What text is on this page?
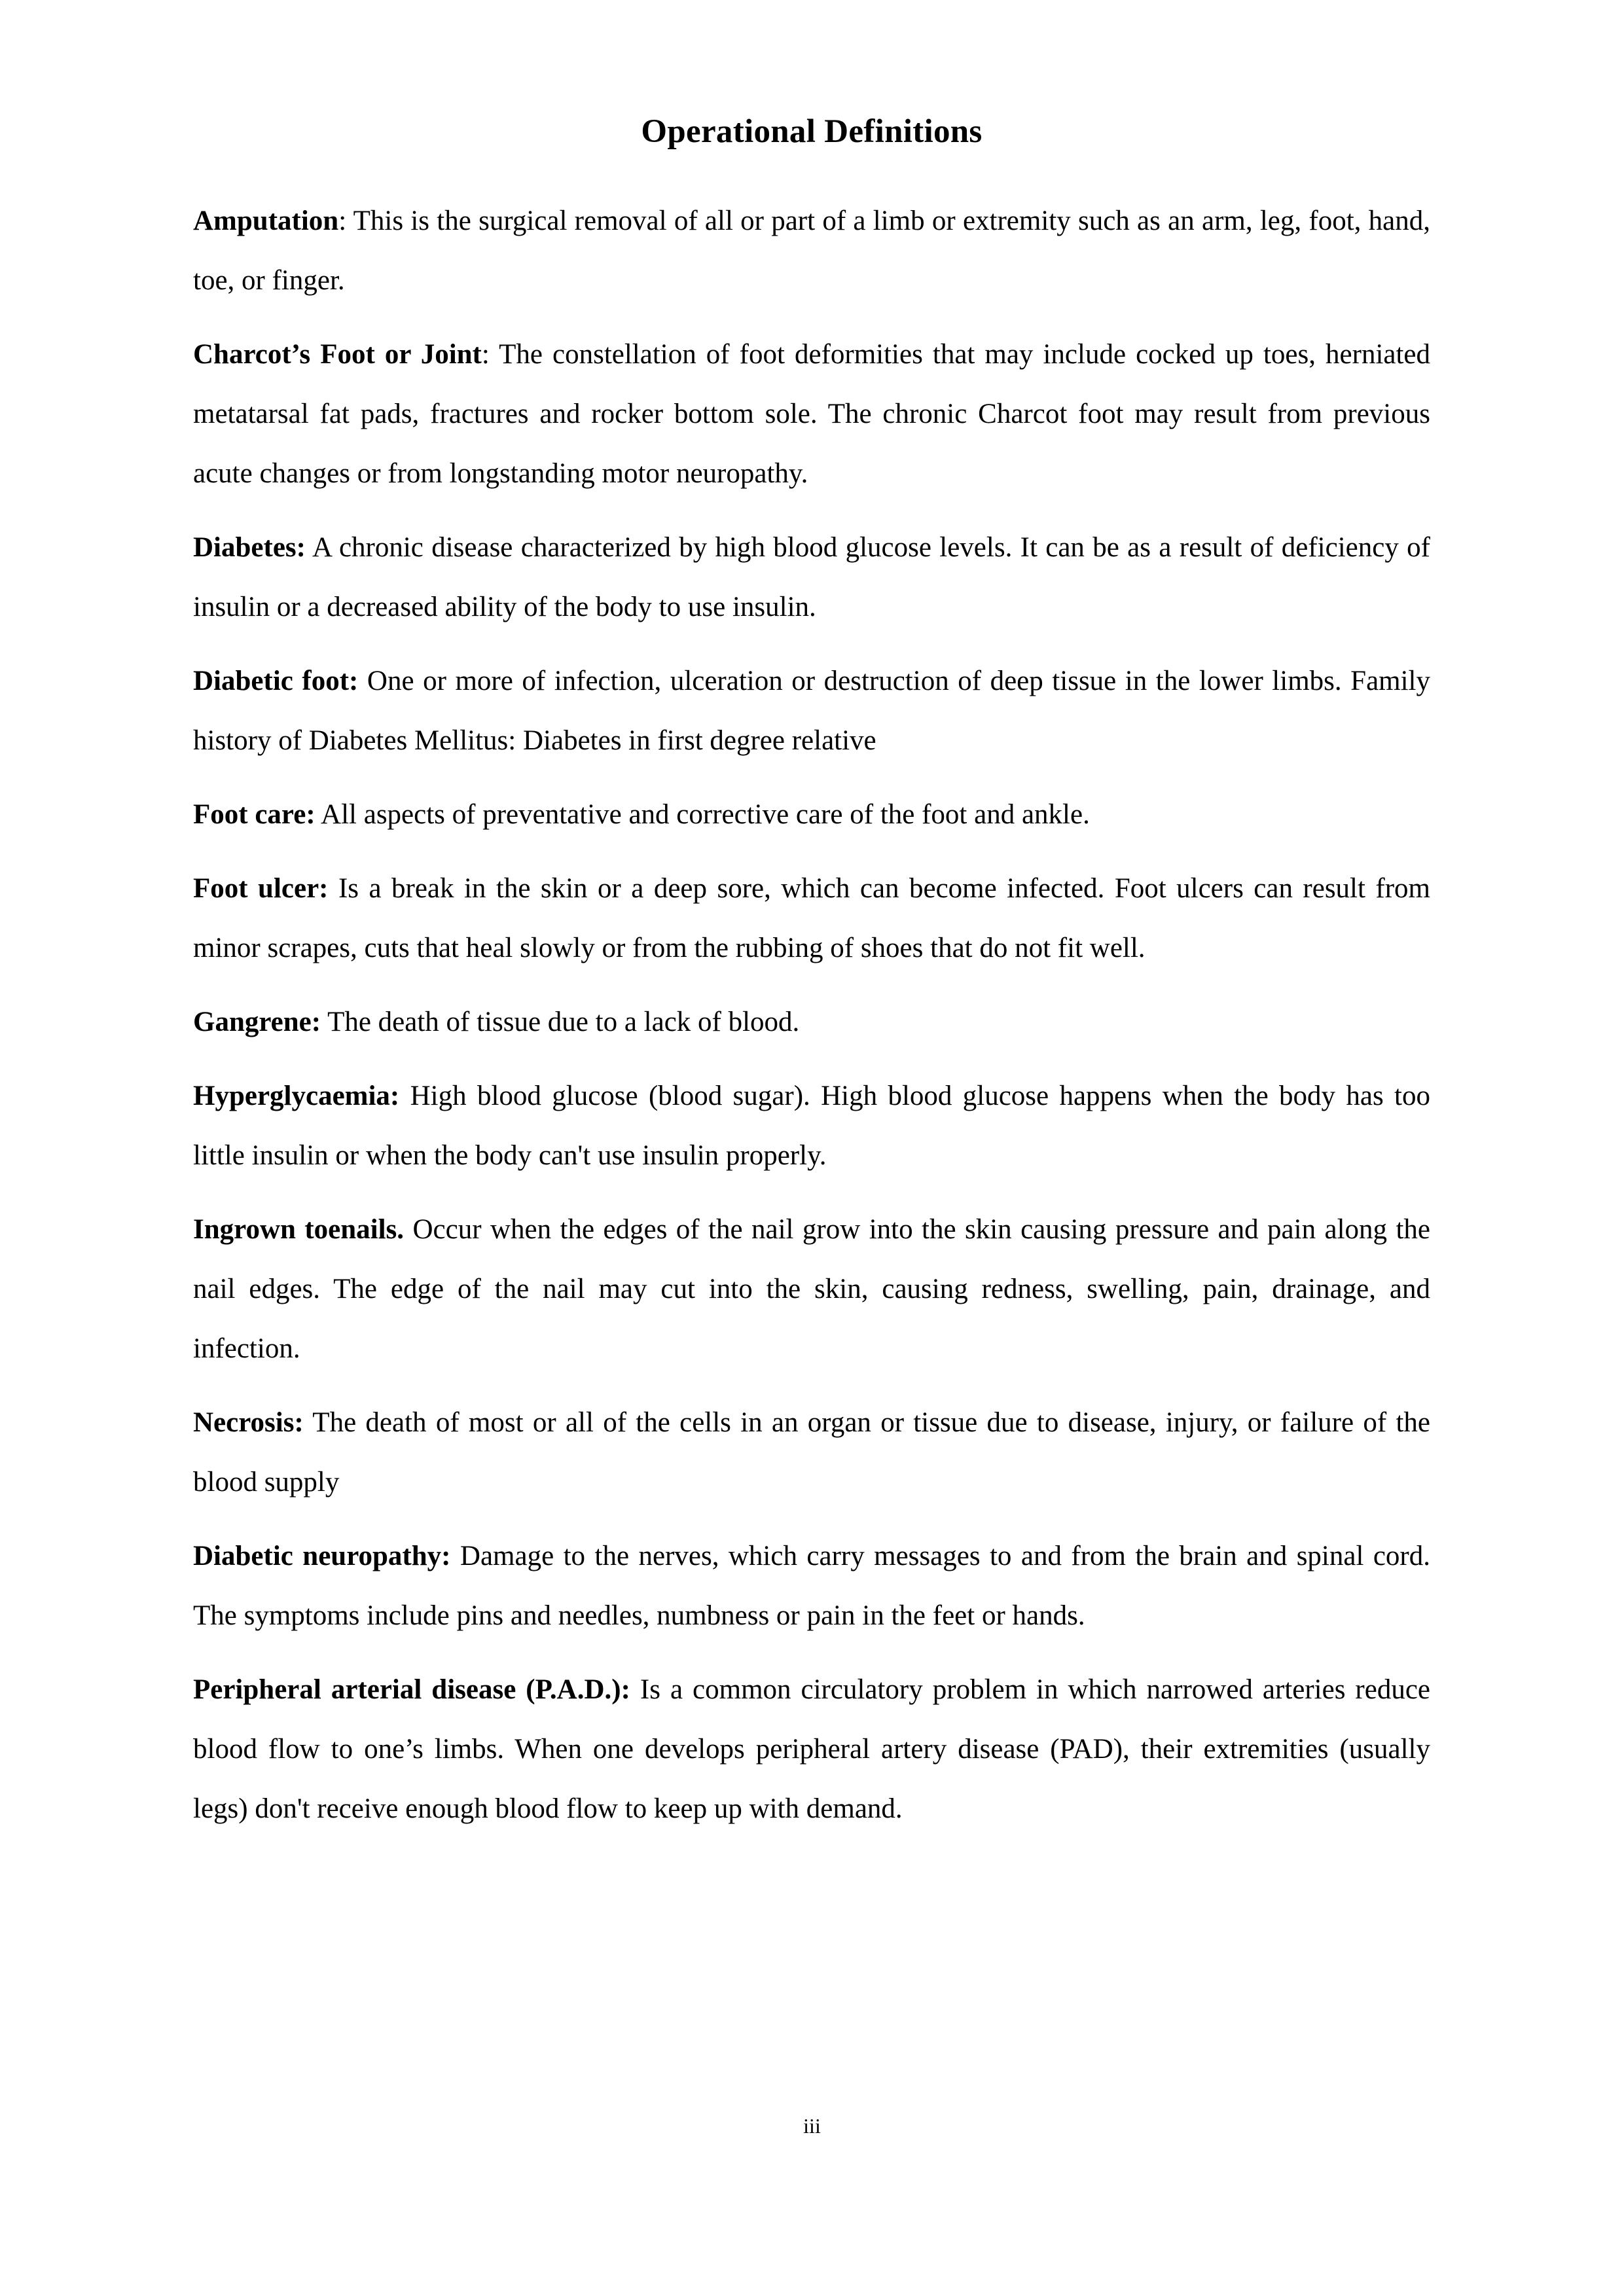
Operational Definitions

Amputation: This is the surgical removal of all or part of a limb or extremity such as an arm, leg, foot, hand, toe, or finger.

Charcot’s Foot or Joint: The constellation of foot deformities that may include cocked up toes, herniated metatarsal fat pads, fractures and rocker bottom sole. The chronic Charcot foot may result from previous acute changes or from longstanding motor neuropathy.

Diabetes: A chronic disease characterized by high blood glucose levels. It can be as a result of deficiency of insulin or a decreased ability of the body to use insulin.

Diabetic foot: One or more of infection, ulceration or destruction of deep tissue in the lower limbs. Family history of Diabetes Mellitus: Diabetes in first degree relative

Foot care: All aspects of preventative and corrective care of the foot and ankle.

Foot ulcer: Is a break in the skin or a deep sore, which can become infected. Foot ulcers can result from minor scrapes, cuts that heal slowly or from the rubbing of shoes that do not fit well.

Gangrene: The death of tissue due to a lack of blood.

Hyperglycaemia: High blood glucose (blood sugar). High blood glucose happens when the body has too little insulin or when the body can't use insulin properly.

Ingrown toenails. Occur when the edges of the nail grow into the skin causing pressure and pain along the nail edges. The edge of the nail may cut into the skin, causing redness, swelling, pain, drainage, and infection.

Necrosis: The death of most or all of the cells in an organ or tissue due to disease, injury, or failure of the blood supply

Diabetic neuropathy: Damage to the nerves, which carry messages to and from the brain and spinal cord. The symptoms include pins and needles, numbness or pain in the feet or hands.

Peripheral arterial disease (P.A.D.): Is a common circulatory problem in which narrowed arteries reduce blood flow to one’s limbs. When one develops peripheral artery disease (PAD), their extremities (usually legs) don't receive enough blood flow to keep up with demand.

iii
